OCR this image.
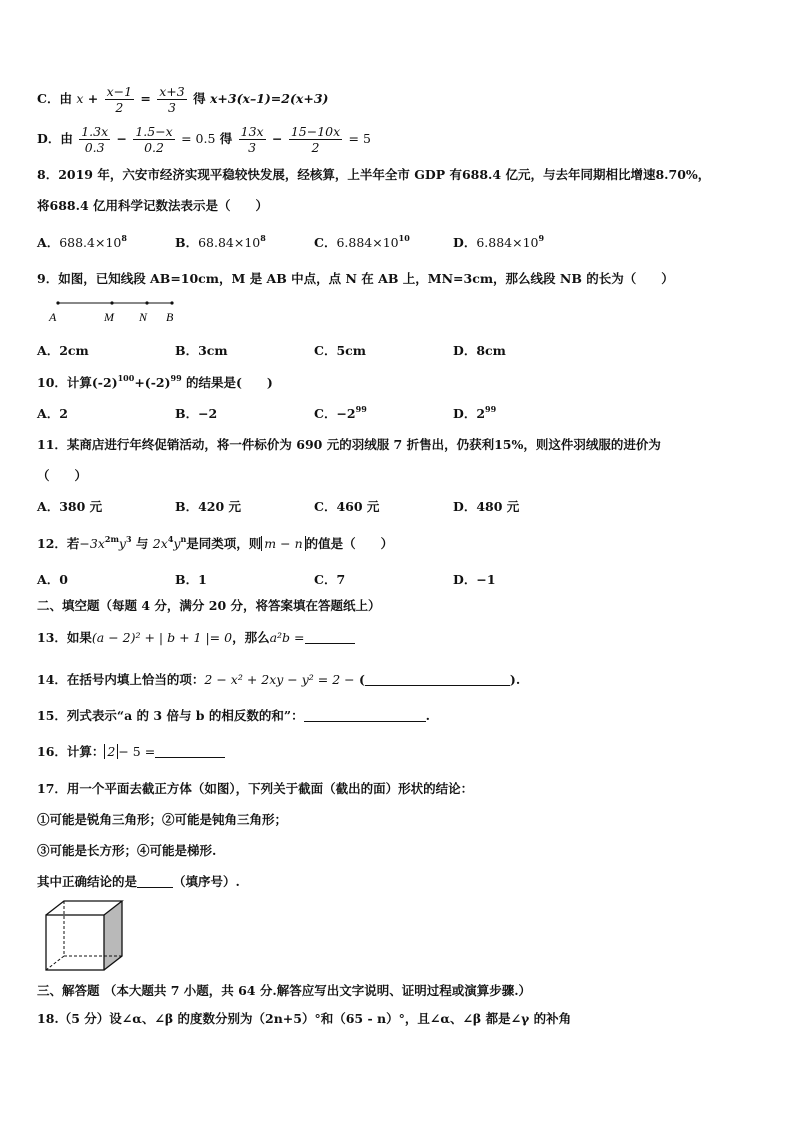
C．由 $x + \frac{x-1}{2} = \frac{x+3}{3}$ 得 x+3(x–1)=2(x+3)
D．由 $\frac{1.3x}{0.3} - \frac{1.5-x}{0.2} = 0.5$ 得 $\frac{13x}{3} - \frac{15-10x}{2} = 5$
8．2019 年，六安市经济实现平稳较快发展，经核算，上半年全市 GDP 有688.4 亿元，与去年同期相比增速8.70%，
将688.4 亿用科学记数法表示是（　　）
A．$688.4\times 10^8$	B．$68.84\times 10^8$	C．$6.884\times 10^{10}$	D．$6.884\times 10^9$
9．如图，已知线段 AB=10cm，M 是 AB 中点，点 N 在 AB 上，MN=3cm，那么线段 NB 的长为（　　）
A	M N B
A．2cm	B．3cm	C．5cm	D．8cm
10．计算$(-2)^{100}+(-2)^{99}$ 的结果是(　　)
A．2	B．−2	C．$-2^{99}$	D．$2^{99}$
11．某商店进行年终促销活动，将一件标价为 690 元的羽绒服 7 折售出，仍获利15%，则这件羽绒服的进价为
（　　）
A．380 元	B．420 元	C．460 元	D．480 元
12．若$-3x^{2m}y^3$ 与 $2x^4y^n$是同类项，则 m − n 的值是（　　）
A．0	B．1	C．7	D．−1
二、填空题（每题 4 分，满分 20 分，将答案填在答题纸上）
13．如果(a − 2)² + | b + 1 |= 0，那么a²b =
14．在括号内填上恰当的项：2 − x² + 2xy − y² = 2 − (	).
15．列式表示“a 的 3 倍与 b 的相反数的和”：	.
16．计算： 2 − 5 =
17．用一个平面去截正方体（如图），下列关于截面（截出的面）形状的结论：
①可能是锐角三角形；②可能是钝角三角形；
③可能是长方形；④可能是梯形.
其中正确结论的是	（填序号）.
三、解答题 （本大题共 7 小题，共 64 分.解答应写出文字说明、证明过程或演算步骤.）
18.（5 分）设∠α、∠β 的度数分别为（2n+5）°和（65 - n）°，且∠α、∠β 都是∠γ 的补角
